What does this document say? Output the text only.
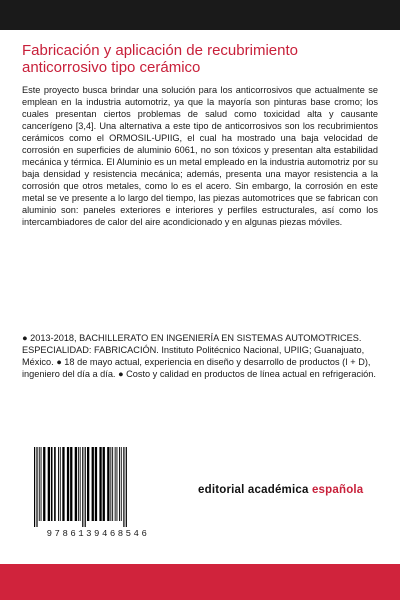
Fabricación y aplicación de recubrimiento anticorrosivo tipo cerámico

Este proyecto busca brindar una solución para los anticorrosivos que actualmente se emplean en la industria automotriz, ya que la mayoría son pinturas base cromo; los cuales presentan ciertos problemas de salud como toxicidad alta y causante cancerígeno [3,4]. Una alternativa a este tipo de anticorrosivos son los recubrimientos cerámicos como el ORMOSIL-UPIIG, el cual ha mostrado una baja velocidad de corrosión en superficies de aluminio 6061, no son tóxicos y presentan alta estabilidad mecánica y térmica. El Aluminio es un metal empleado en la industria automotriz por su baja densidad y resistencia mecánica; además, presenta una mayor resistencia a la corrosión que otros metales, como lo es el acero. Sin embargo, la corrosión en este metal se ve presente a lo largo del tiempo, las piezas automotrices que se fabrican con aluminio son: paneles exteriores e interiores y perfiles estructurales, así como los intercambiadores de calor del aire acondicionado y en algunas piezas móviles.

● 2013-2018, BACHILLERATO EN INGENIERÍA EN SISTEMAS AUTOMOTRICES. ESPECIALIDAD: FABRICACIÓN. Instituto Politécnico Nacional, UPIIG; Guanajuato, México. ● 18 de mayo actual, experiencia en diseño y desarrollo de productos (I + D), ingeniero del día a día. ● Costo y calidad en productos de línea actual en refrigeración.

9786139468546

editorial académica española
